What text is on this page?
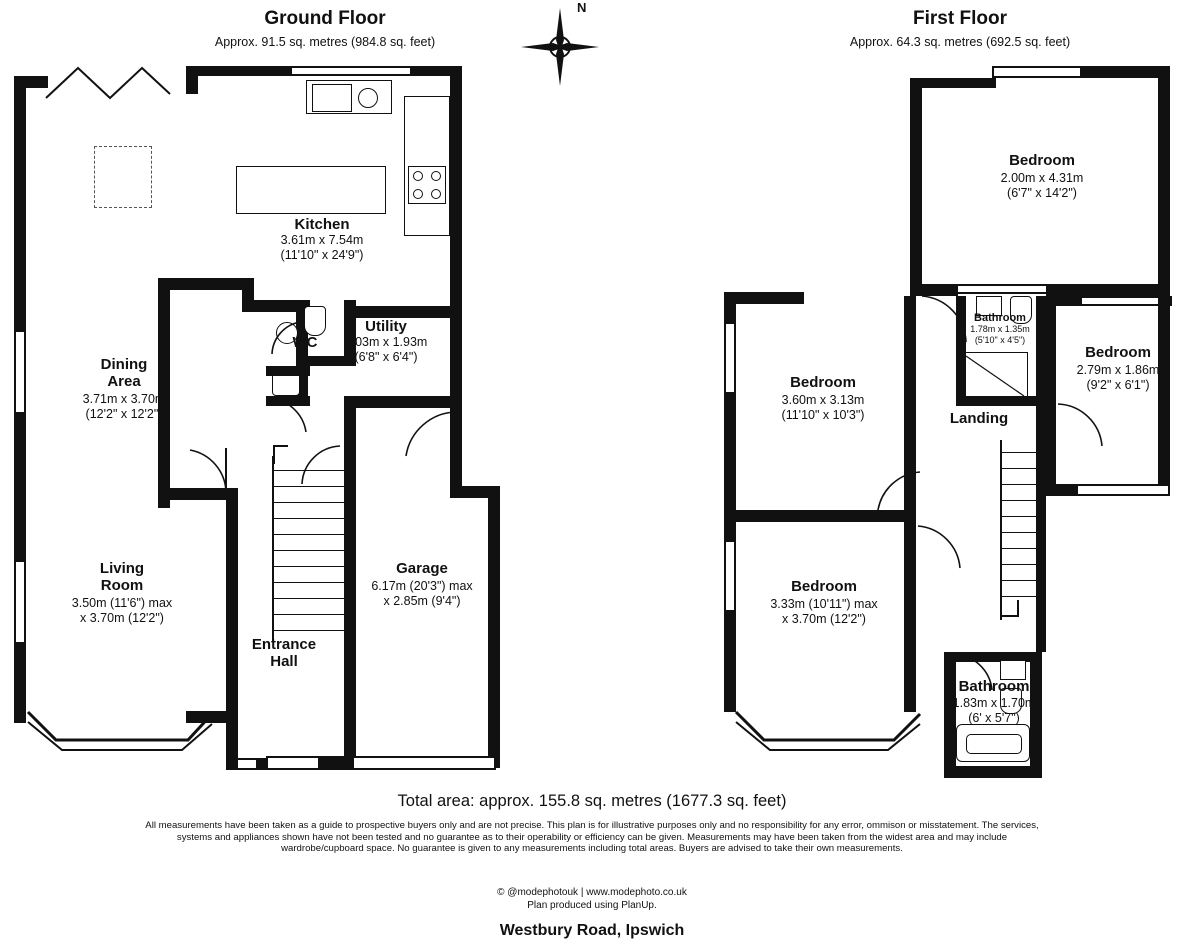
Ground Floor
Approx. 91.5 sq. metres (984.8 sq. feet)
N
First Floor
Approx. 64.3 sq. metres (692.5 sq. feet)
Kitchen
3.61m x 7.54m
(11'10" x 24'9")
Utility
2.03m x 1.93m
(6'8" x 6'4")
WC
Dining
Area
3.71m x 3.70m
(12'2" x 12'2")
Living
Room
3.50m (11'6") max
x 3.70m (12'2")
Entrance
Hall
Garage
6.17m (20'3") max
x 2.85m (9'4")
Bedroom
2.00m x 4.31m
(6'7" x 14'2")
Bathroom
1.78m x 1.35m
(5'10" x 4'5")
Bedroom
2.79m x 1.86m
(9'2" x 6'1")
Bedroom
3.60m x 3.13m
(11'10" x 10'3")	Landing
Bedroom
3.33m (10'11") max
x 3.70m (12'2")
Bathroom
1.83m x 1.70m
(6' x 5'7")
Total area: approx. 155.8 sq. metres (1677.3 sq. feet)
All measurements have been taken as a guide to prospective buyers only and are not precise. This plan is for illustrative purposes only and no responsibility for any error, ommison or misstatement. The services, systems and appliances shown have not been tested and no guarantee as to their operability or efficiency can be given. Measurements may have been taken from the widest area and may include wardrobe/cupboard space. No guarantee is given to any measurements including total areas. Buyers are advised to take their own measurements.
© @modephotouk | www.modephoto.co.uk
Plan produced using PlanUp.
Westbury Road, Ipswich
